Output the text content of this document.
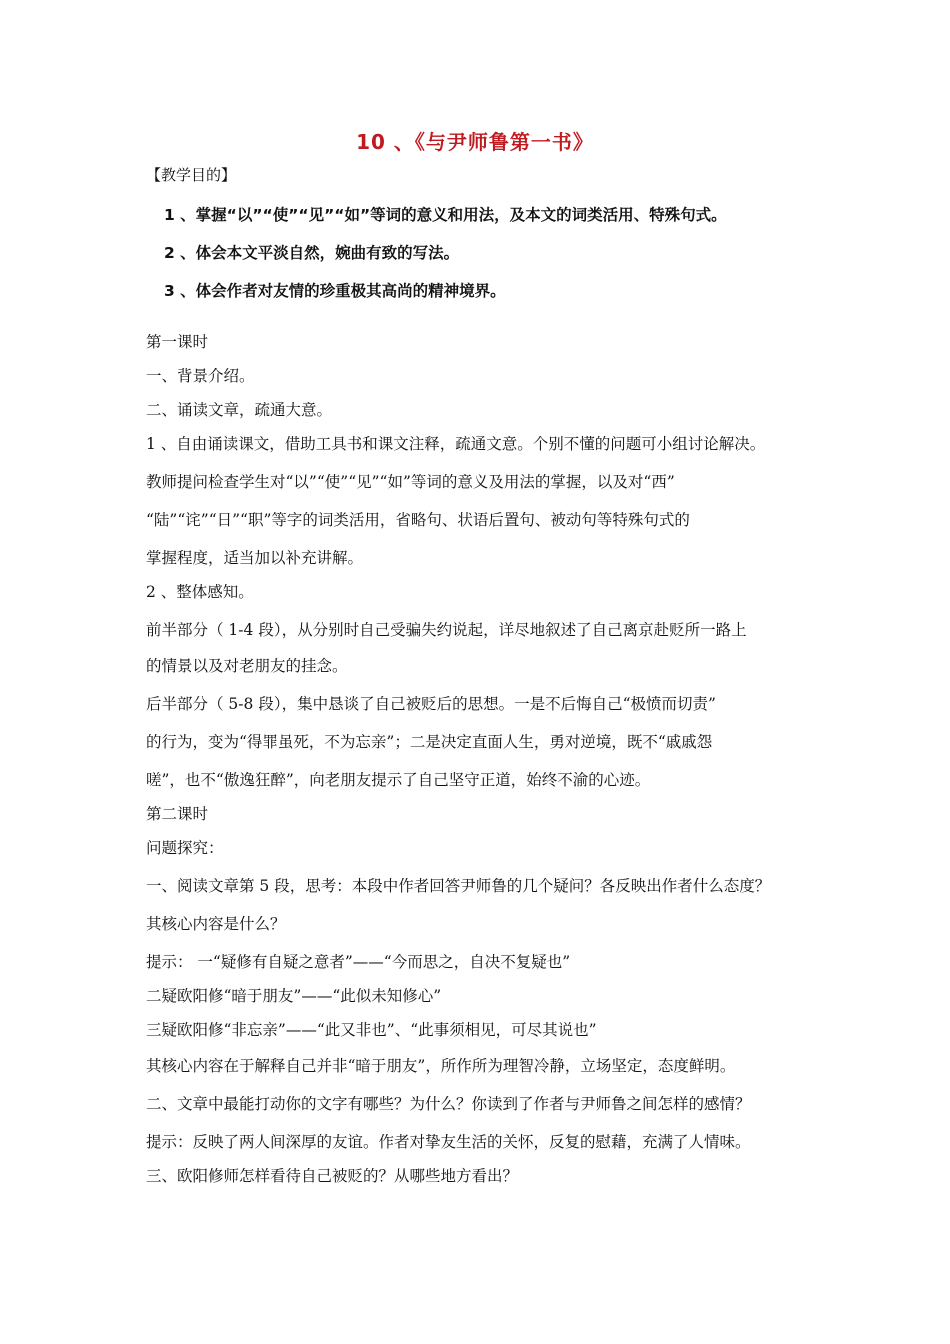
10 、《与尹师鲁第一书》
【教学目的】
1 、掌握“以”“使”“见”“如”等词的意义和用法，及本文的词类活用、特殊句式。
2 、体会本文平淡自然，婉曲有致的写法。
3 、体会作者对友情的珍重极其高尚的精神境界。
第一课时
一、背景介绍。
二、诵读文章，疏通大意。
1 、自由诵读课文，借助工具书和课文注释，疏通文意。个别不懂的问题可小组讨论解决。
教师提问检查学生对“以”“使”“见”“如”等词的意义及用法的掌握，以及对“西”
“陆”“诧”“日”“职”等字的词类活用，省略句、状语后置句、被动句等特殊句式的
掌握程度，适当加以补充讲解。
2 、整体感知。
前半部分（ 1-4 段），从分别时自己受骗失约说起，详尽地叙述了自己离京赴贬所一路上
的情景以及对老朋友的挂念。
后半部分（ 5-8 段），集中恳谈了自己被贬后的思想。一是不后悔自己“极愤而切责”
的行为，变为“得罪虽死，不为忘亲”；二是决定直面人生，勇对逆境，既不“戚戚怨
嗟”，也不“傲逸狂醉”，向老朋友提示了自己坚守正道，始终不渝的心迹。
第二课时
问题探究：
一、阅读文章第 5 段，思考：本段中作者回答尹师鲁的几个疑问？各反映出作者什么态度？
其核心内容是什么？
提示： 一“疑修有自疑之意者”——“今而思之，自决不复疑也”
二疑欧阳修“暗于朋友”——“此似未知修心”
三疑欧阳修“非忘亲”——“此又非也”、“此事须相见，可尽其说也”
其核心内容在于解释自己并非“暗于朋友”，所作所为理智冷静，立场坚定，态度鲜明。
二、文章中最能打动你的文字有哪些？为什么？你读到了作者与尹师鲁之间怎样的感情？
提示：反映了两人间深厚的友谊。作者对挚友生活的关怀，反复的慰藉，充满了人情味。
三、欧阳修师怎样看待自己被贬的？从哪些地方看出？
